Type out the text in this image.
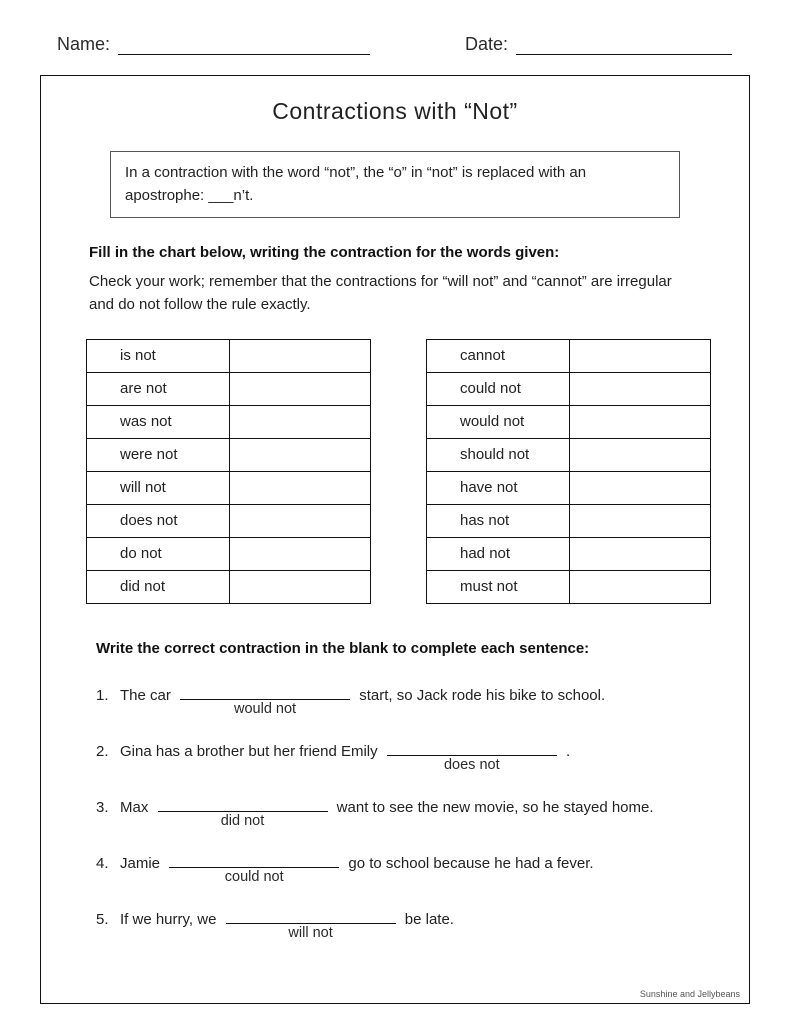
Name:	Date:
Contractions with “Not”
In a contraction with the word “not”, the “o” in “not” is replaced with an apostrophe: ___n’t.

Fill in the chart below, writing the contraction for the words given:

Check your work; remember that the contractions for “will not” and “cannot” are irregular and do not follow the rule exactly.

is not	
are not	
was not	
were not	
will not	
does not	
do not	
did not	
cannot	
could not	
would not	
should not	
have not	
has not	
had not	
must not	

Write the correct contraction in the blank to complete each sentence:

1. The car
would not
start, so Jack rode his bike to school.
2. Gina has a brother but her friend Emily
does not
.
3. Max
did not
want to see the new movie, so he stayed home.
4. Jamie
could not
go to school because he had a fever.
5. If we hurry, we
will not
be late.
Sunshine and Jellybeans
